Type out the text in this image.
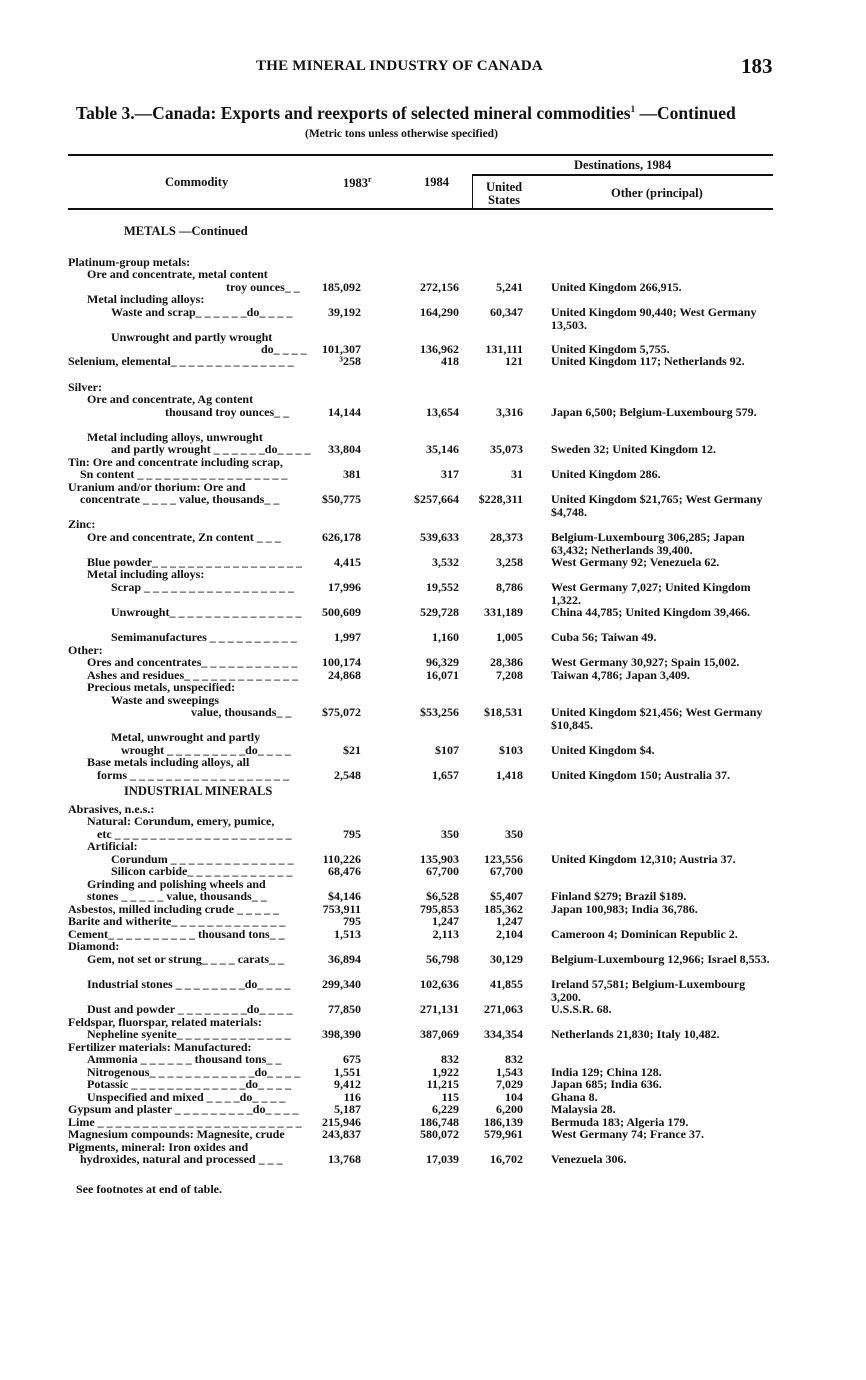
THE MINERAL INDUSTRY OF CANADA	183
Table 3.—Canada: Exports and reexports of selected mineral commodities$^1$ —Continued
(Metric tons unless otherwise specified)
Commodity	1983$^r$	1984
Destinations, 1984
United
States	Other (principal)
METALS —Continued
Platinum-group metals:
Ore and concentrate, metal content
troy ounces_ _ 185,092	272,156	5,241 United Kingdom 266,915.
Metal including alloys:
Waste and scrap_ _ _ _ _ _do_ _ _ _	39,192	164,290	60,347 United Kingdom 90,440; West Germany 13,503.
Unwrought and partly wrought
do_ _ _ _ 101,307	136,962 131,111 United Kingdom 5,755.
Selenium, elemental_ _ _ _ _ _ _ _ _ _ _ _ _ _	³258	418	121 United Kingdom 117; Netherlands 92.
Silver:
Ore and concentrate, Ag content
thousand troy ounces_ _	14,144	13,654	3,316 Japan 6,500; Belgium-Luxembourg 579.
Metal including alloys, unwrought
and partly wrought _ _ _ _ _ _do_ _ _ _ 33,804	35,146	35,073 Sweden 32; United Kingdom 12.
Tin: Ore and concentrate including scrap,
Sn content _ _ _ _ _ _ _ _ _ _ _ _ _ _ _ _ _	381	317	31 United Kingdom 286.
Uranium and/or thorium: Ore and
concentrate _ _ _ _ value, thousands_ _	$50,775	$257,664 $228,311 United Kingdom $21,765; West Germany $4,748.
Zinc:
Ore and concentrate, Zn content _ _ _	626,178	539,633	28,373 Belgium-Luxembourg 306,285; Japan 63,432; Netherlands 39,400.
Blue powder_ _ _ _ _ _ _ _ _ _ _ _ _ _ _ _ _	4,415	3,532	3,258 West Germany 92; Venezuela 62.
Metal including alloys:
Scrap _ _ _ _ _ _ _ _ _ _ _ _ _ _ _ _ _	17,996	19,552	8,786 West Germany 7,027; United Kingdom 1,322.
Unwrought_ _ _ _ _ _ _ _ _ _ _ _ _ _ _ 500,609	529,728 331,189 China 44,785; United Kingdom 39,466.
Semimanufactures _ _ _ _ _ _ _ _ _ _	1,997	1,160	1,005 Cuba 56; Taiwan 49.
Other:
Ores and concentrates_ _ _ _ _ _ _ _ _ _ _ 100,174	96,329	28,386 West Germany 30,927; Spain 15,002.
Ashes and residues_ _ _ _ _ _ _ _ _ _ _ _ _ 24,868	16,071	7,208 Taiwan 4,786; Japan 3,409.
Precious metals, unspecified:
Waste and sweepings
value, thousands_ _	$75,072	$53,256 $18,531 United Kingdom $21,456; West Germany $10,845.
Metal, unwrought and partly
wrought _ _ _ _ _ _ _ _ _do_ _ _ _	$21	$107	$103 United Kingdom $4.
Base metals including alloys, all
forms _ _ _ _ _ _ _ _ _ _ _ _ _ _ _ _ _ _	2,548	1,657	1,418 United Kingdom 150; Australia 37.
INDUSTRIAL MINERALS
Abrasives, n.e.s.:
Natural: Corundum, emery, pumice,
etc _ _ _ _ _ _ _ _ _ _ _ _ _ _ _ _ _ _ _ _	795	350	350
Artificial:
Corundum _ _ _ _ _ _ _ _ _ _ _ _ _ _ 110,226	135,903 123,556 United Kingdom 12,310; Austria 37.
Silicon carbide_ _ _ _ _ _ _ _ _ _ _ _	68,476	67,700	67,700
Grinding and polishing wheels and
stones _ _ _ _ _ value, thousands_ _	$4,146	$6,528	$5,407 Finland $279; Brazil $189.
Asbestos, milled including crude _ _ _ _ _	753,911	795,853 185,362 Japan 100,983; India 36,786.
Barite and witherite_ _ _ _ _ _ _ _ _ _ _ _ _	795	1,247	1,247
Cement_ _ _ _ _ _ _ _ _ _ thousand tons_ _	1,513	2,113	2,104 Cameroon 4; Dominican Republic 2.
Diamond:
Gem, not set or strung_ _ _ _ carats_ _	36,894	56,798	30,129 Belgium-Luxembourg 12,966; Israel 8,553.
Industrial stones _ _ _ _ _ _ _ _do_ _ _ _	299,340	102,636	41,855 Ireland 57,581; Belgium-Luxembourg 3,200.
Dust and powder _ _ _ _ _ _ _ _do_ _ _ _	77,850	271,131 271,063 U.S.S.R. 68.
Feldspar, fluorspar, related materials:
Nepheline syenite_ _ _ _ _ _ _ _ _ _ _ _ _	398,390	387,069 334,354 Netherlands 21,830; Italy 10,482.
Fertilizer materials: Manufactured:
Ammonia _ _ _ _ _ _ thousand tons_ _	675	832	832
Nitrogenous_ _ _ _ _ _ _ _ _ _ _ _do_ _ _ _	1,551	1,922	1,543 India 129; China 128.
Potassic _ _ _ _ _ _ _ _ _ _ _ _ _do_ _ _ _	9,412	11,215	7,029 Japan 685; India 636.
Unspecified and mixed _ _ _ _do_ _ _ _	116	115	104 Ghana 8.
Gypsum and plaster _ _ _ _ _ _ _ _ _do_ _ _ _	5,187	6,229	6,200 Malaysia 28.
Lime _ _ _ _ _ _ _ _ _ _ _ _ _ _ _ _ _ _ _ _ _ _ _ 215,946	186,748 186,139 Bermuda 183; Algeria 179.
Magnesium compounds: Magnesite, crude	243,837	580,072 579,961 West Germany 74; France 37.
Pigments, mineral: Iron oxides and
hydroxides, natural and processed _ _ _	13,768	17,039	16,702 Venezuela 306.
See footnotes at end of table.
